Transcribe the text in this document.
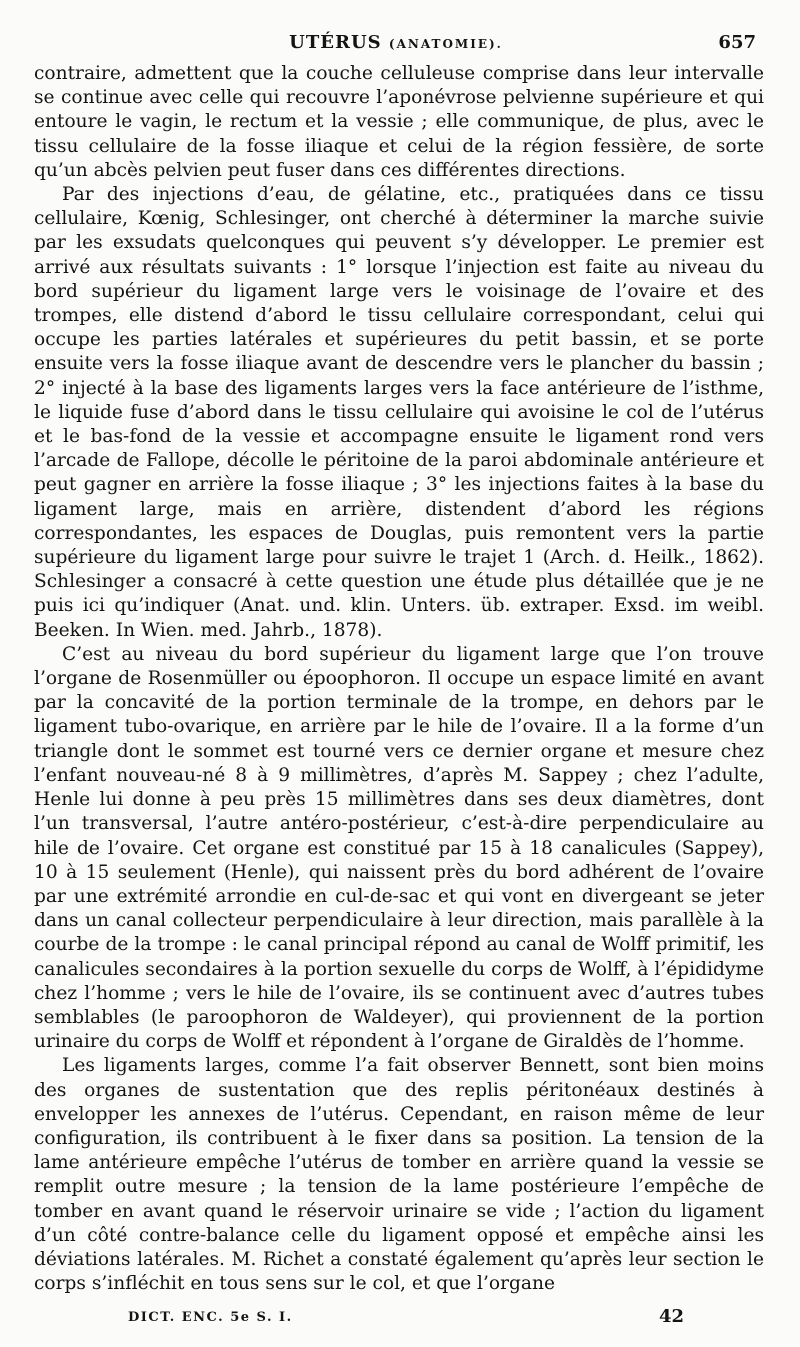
UTÉRUS (ANATOMIE).	657

contraire, admettent que la couche celluleuse comprise dans leur intervalle se continue avec celle qui recouvre l’aponévrose pelvienne supérieure et qui entoure le vagin, le rectum et la vessie ; elle communique, de plus, avec le tissu cellulaire de la fosse iliaque et celui de la région fessière, de sorte qu’un abcès pelvien peut fuser dans ces différentes directions.

Par des injections d’eau, de gélatine, etc., pratiquées dans ce tissu cellulaire, Kœnig, Schlesinger, ont cherché à déterminer la marche suivie par les exsudats quelconques qui peuvent s’y développer. Le premier est arrivé aux résultats suivants : 1° lorsque l’injection est faite au niveau du bord supérieur du ligament large vers le voisinage de l’ovaire et des trompes, elle distend d’abord le tissu cellulaire correspondant, celui qui occupe les parties latérales et supérieures du petit bassin, et se porte ensuite vers la fosse iliaque avant de descendre vers le plancher du bassin ; 2° injecté à la base des ligaments larges vers la face antérieure de l’isthme, le liquide fuse d’abord dans le tissu cellulaire qui avoisine le col de l’utérus et le bas-fond de la vessie et accompagne ensuite le ligament rond vers l’arcade de Fallope, décolle le péritoine de la paroi abdominale antérieure et peut gagner en arrière la fosse iliaque ; 3° les injections faites à la base du ligament large, mais en arrière, distendent d’abord les régions correspondantes, les espaces de Douglas, puis remontent vers la partie supérieure du ligament large pour suivre le trajet 1 (Arch. d. Heilk., 1862). Schlesinger a consacré à cette question une étude plus détaillée que je ne puis ici qu’indiquer (Anat. und. klin. Unters. üb. extraper. Exsd. im weibl. Beeken. In Wien. med. Jahrb., 1878).

C’est au niveau du bord supérieur du ligament large que l’on trouve l’organe de Rosenmüller ou époophoron. Il occupe un espace limité en avant par la concavité de la portion terminale de la trompe, en dehors par le ligament tubo-ovarique, en arrière par le hile de l’ovaire. Il a la forme d’un triangle dont le sommet est tourné vers ce dernier organe et mesure chez l’enfant nouveau-né 8 à 9 millimètres, d’après M. Sappey ; chez l’adulte, Henle lui donne à peu près 15 millimètres dans ses deux diamètres, dont l’un transversal, l’autre antéro-postérieur, c’est-à-dire perpendiculaire au hile de l’ovaire. Cet organe est constitué par 15 à 18 canalicules (Sappey), 10 à 15 seulement (Henle), qui naissent près du bord adhérent de l’ovaire par une extrémité arrondie en cul-de-sac et qui vont en divergeant se jeter dans un canal collecteur perpendiculaire à leur direction, mais parallèle à la courbe de la trompe : le canal principal répond au canal de Wolff primitif, les canalicules secondaires à la portion sexuelle du corps de Wolff, à l’épididyme chez l’homme ; vers le hile de l’ovaire, ils se continuent avec d’autres tubes semblables (le paroophoron de Waldeyer), qui proviennent de la portion urinaire du corps de Wolff et répondent à l’organe de Giraldès de l’homme.

Les ligaments larges, comme l’a fait observer Bennett, sont bien moins des organes de sustentation que des replis péritonéaux destinés à envelopper les annexes de l’utérus. Cependant, en raison même de leur configuration, ils contribuent à le fixer dans sa position. La tension de la lame antérieure empêche l’utérus de tomber en arrière quand la vessie se remplit outre mesure ; la tension de la lame postérieure l’empêche de tomber en avant quand le réservoir urinaire se vide ; l’action du ligament d’un côté contre-balance celle du ligament opposé et empêche ainsi les déviations latérales. M. Richet a constaté également qu’après leur section le corps s’infléchit en tous sens sur le col, et que l’organe

DICT. ENC. 5e S. I.	42
